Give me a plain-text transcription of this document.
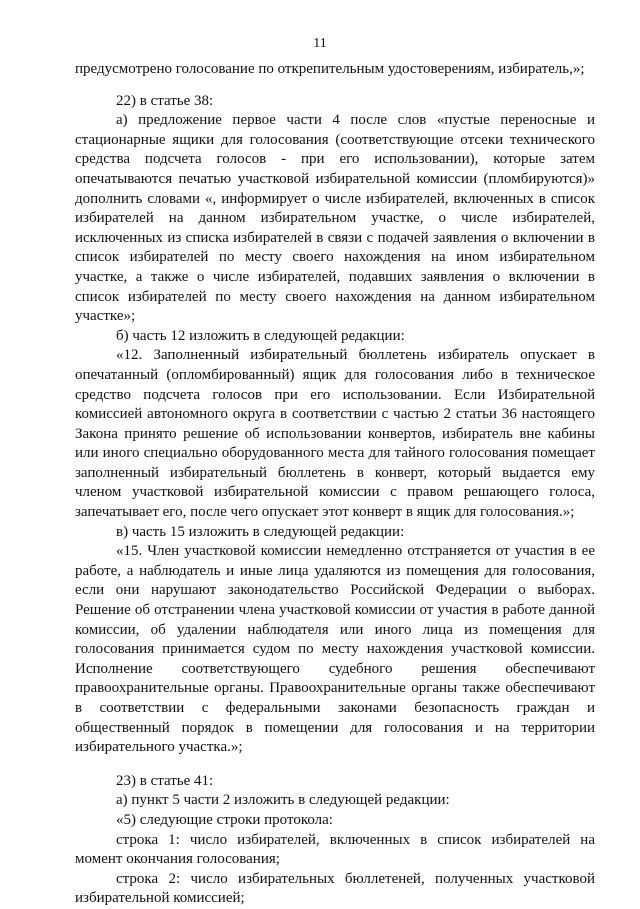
11

предусмотрено голосование по открепительным удостоверениям, избиратель,»;

22) в статье 38:

а) предложение первое части 4 после слов «пустые переносные и стационарные ящики для голосования (соответствующие отсеки технического средства подсчета голосов - при его использовании), которые затем опечатываются печатью участковой избирательной комиссии (пломбируются)» дополнить словами «, информирует о числе избирателей, включенных в список избирателей на данном избирательном участке, о числе избирателей, исключенных из списка избирателей в связи с подачей заявления о включении в список избирателей по месту своего нахождения на ином избирательном участке, а также о числе избирателей, подавших заявления о включении в список избирателей по месту своего нахождения на данном избирательном участке»;

б) часть 12 изложить в следующей редакции:

«12. Заполненный избирательный бюллетень избиратель опускает в опечатанный (опломбированный) ящик для голосования либо в техническое средство подсчета голосов при его использовании. Если Избирательной комиссией автономного округа в соответствии с частью 2 статьи 36 настоящего Закона принято решение об использовании конвертов, избиратель вне кабины или иного специально оборудованного места для тайного голосования помещает заполненный избирательный бюллетень в конверт, который выдается ему членом участковой избирательной комиссии с правом решающего голоса, запечатывает его, после чего опускает этот конверт в ящик для голосования.»;

в) часть 15 изложить в следующей редакции:

«15. Член участковой комиссии немедленно отстраняется от участия в ее работе, а наблюдатель и иные лица удаляются из помещения для голосования, если они нарушают законодательство Российской Федерации о выборах. Решение об отстранении члена участковой комиссии от участия в работе данной комиссии, об удалении наблюдателя или иного лица из помещения для голосования принимается судом по месту нахождения участковой комиссии. Исполнение соответствующего судебного решения обеспечивают правоохранительные органы. Правоохранительные органы также обеспечивают в соответствии с федеральными законами безопасность граждан и общественный порядок в помещении для голосования и на территории избирательного участка.»;

23) в статье 41:

а) пункт 5 части 2 изложить в следующей редакции:

«5) следующие строки протокола:

строка 1: число избирателей, включенных в список избирателей на момент окончания голосования;

строка 2: число избирательных бюллетеней, полученных участковой избирательной комиссией;
